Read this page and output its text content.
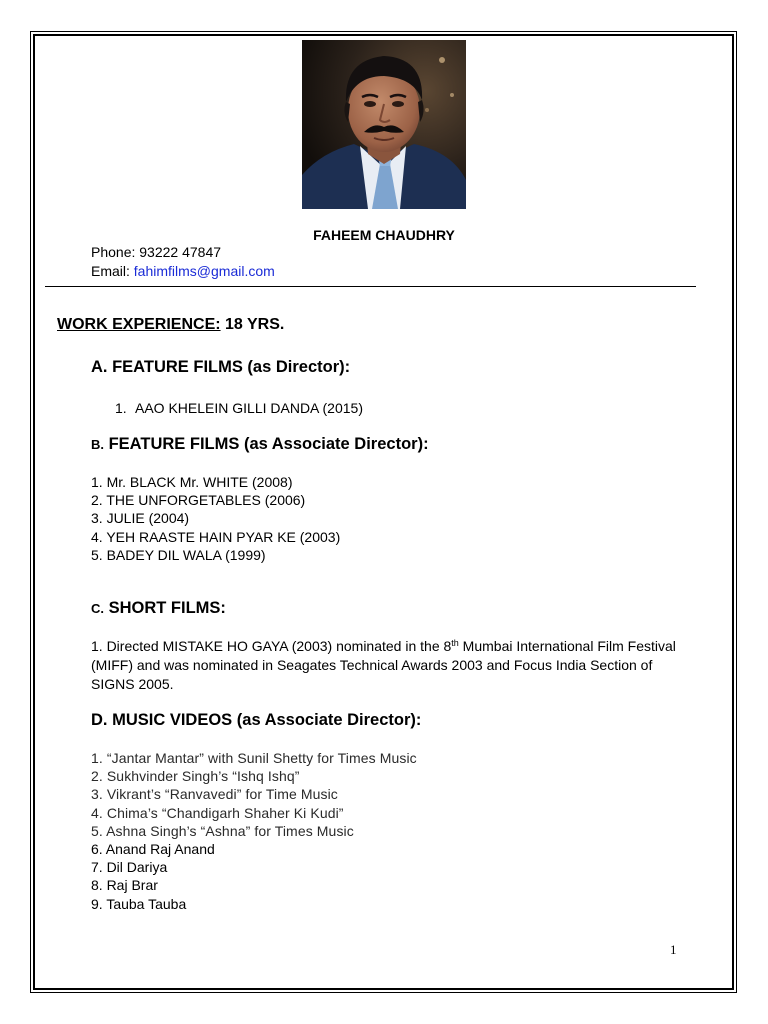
FAHEEM CHAUDHRY
Phone: 93222 47847
Email: fahimfilms@gmail.com
WORK EXPERIENCE: 18 YRS.
A. FEATURE FILMS (as Director):
1. AAO KHELEIN GILLI DANDA (2015)
B. FEATURE FILMS (as Associate Director):
1. Mr. BLACK Mr. WHITE (2008)
2. THE UNFORGETABLES (2006)
3. JULIE (2004)
4. YEH RAASTE HAIN PYAR KE (2003)
5. BADEY DIL WALA (1999)
C. SHORT FILMS:
1. Directed MISTAKE HO GAYA (2003) nominated in the 8th Mumbai International Film Festival (MIFF) and was nominated in Seagates Technical Awards 2003 and Focus India Section of SIGNS 2005.
D. MUSIC VIDEOS (as Associate Director):
1. “Jantar Mantar” with Sunil Shetty for Times Music
2. Sukhvinder Singh’s “Ishq Ishq”
3. Vikrant’s “Ranvavedi” for Time Music
4. Chima’s “Chandigarh Shaher Ki Kudi”
5. Ashna Singh’s “Ashna” for Times Music
6. Anand Raj Anand
7. Dil Dariya
8. Raj Brar
9. Tauba Tauba
1
